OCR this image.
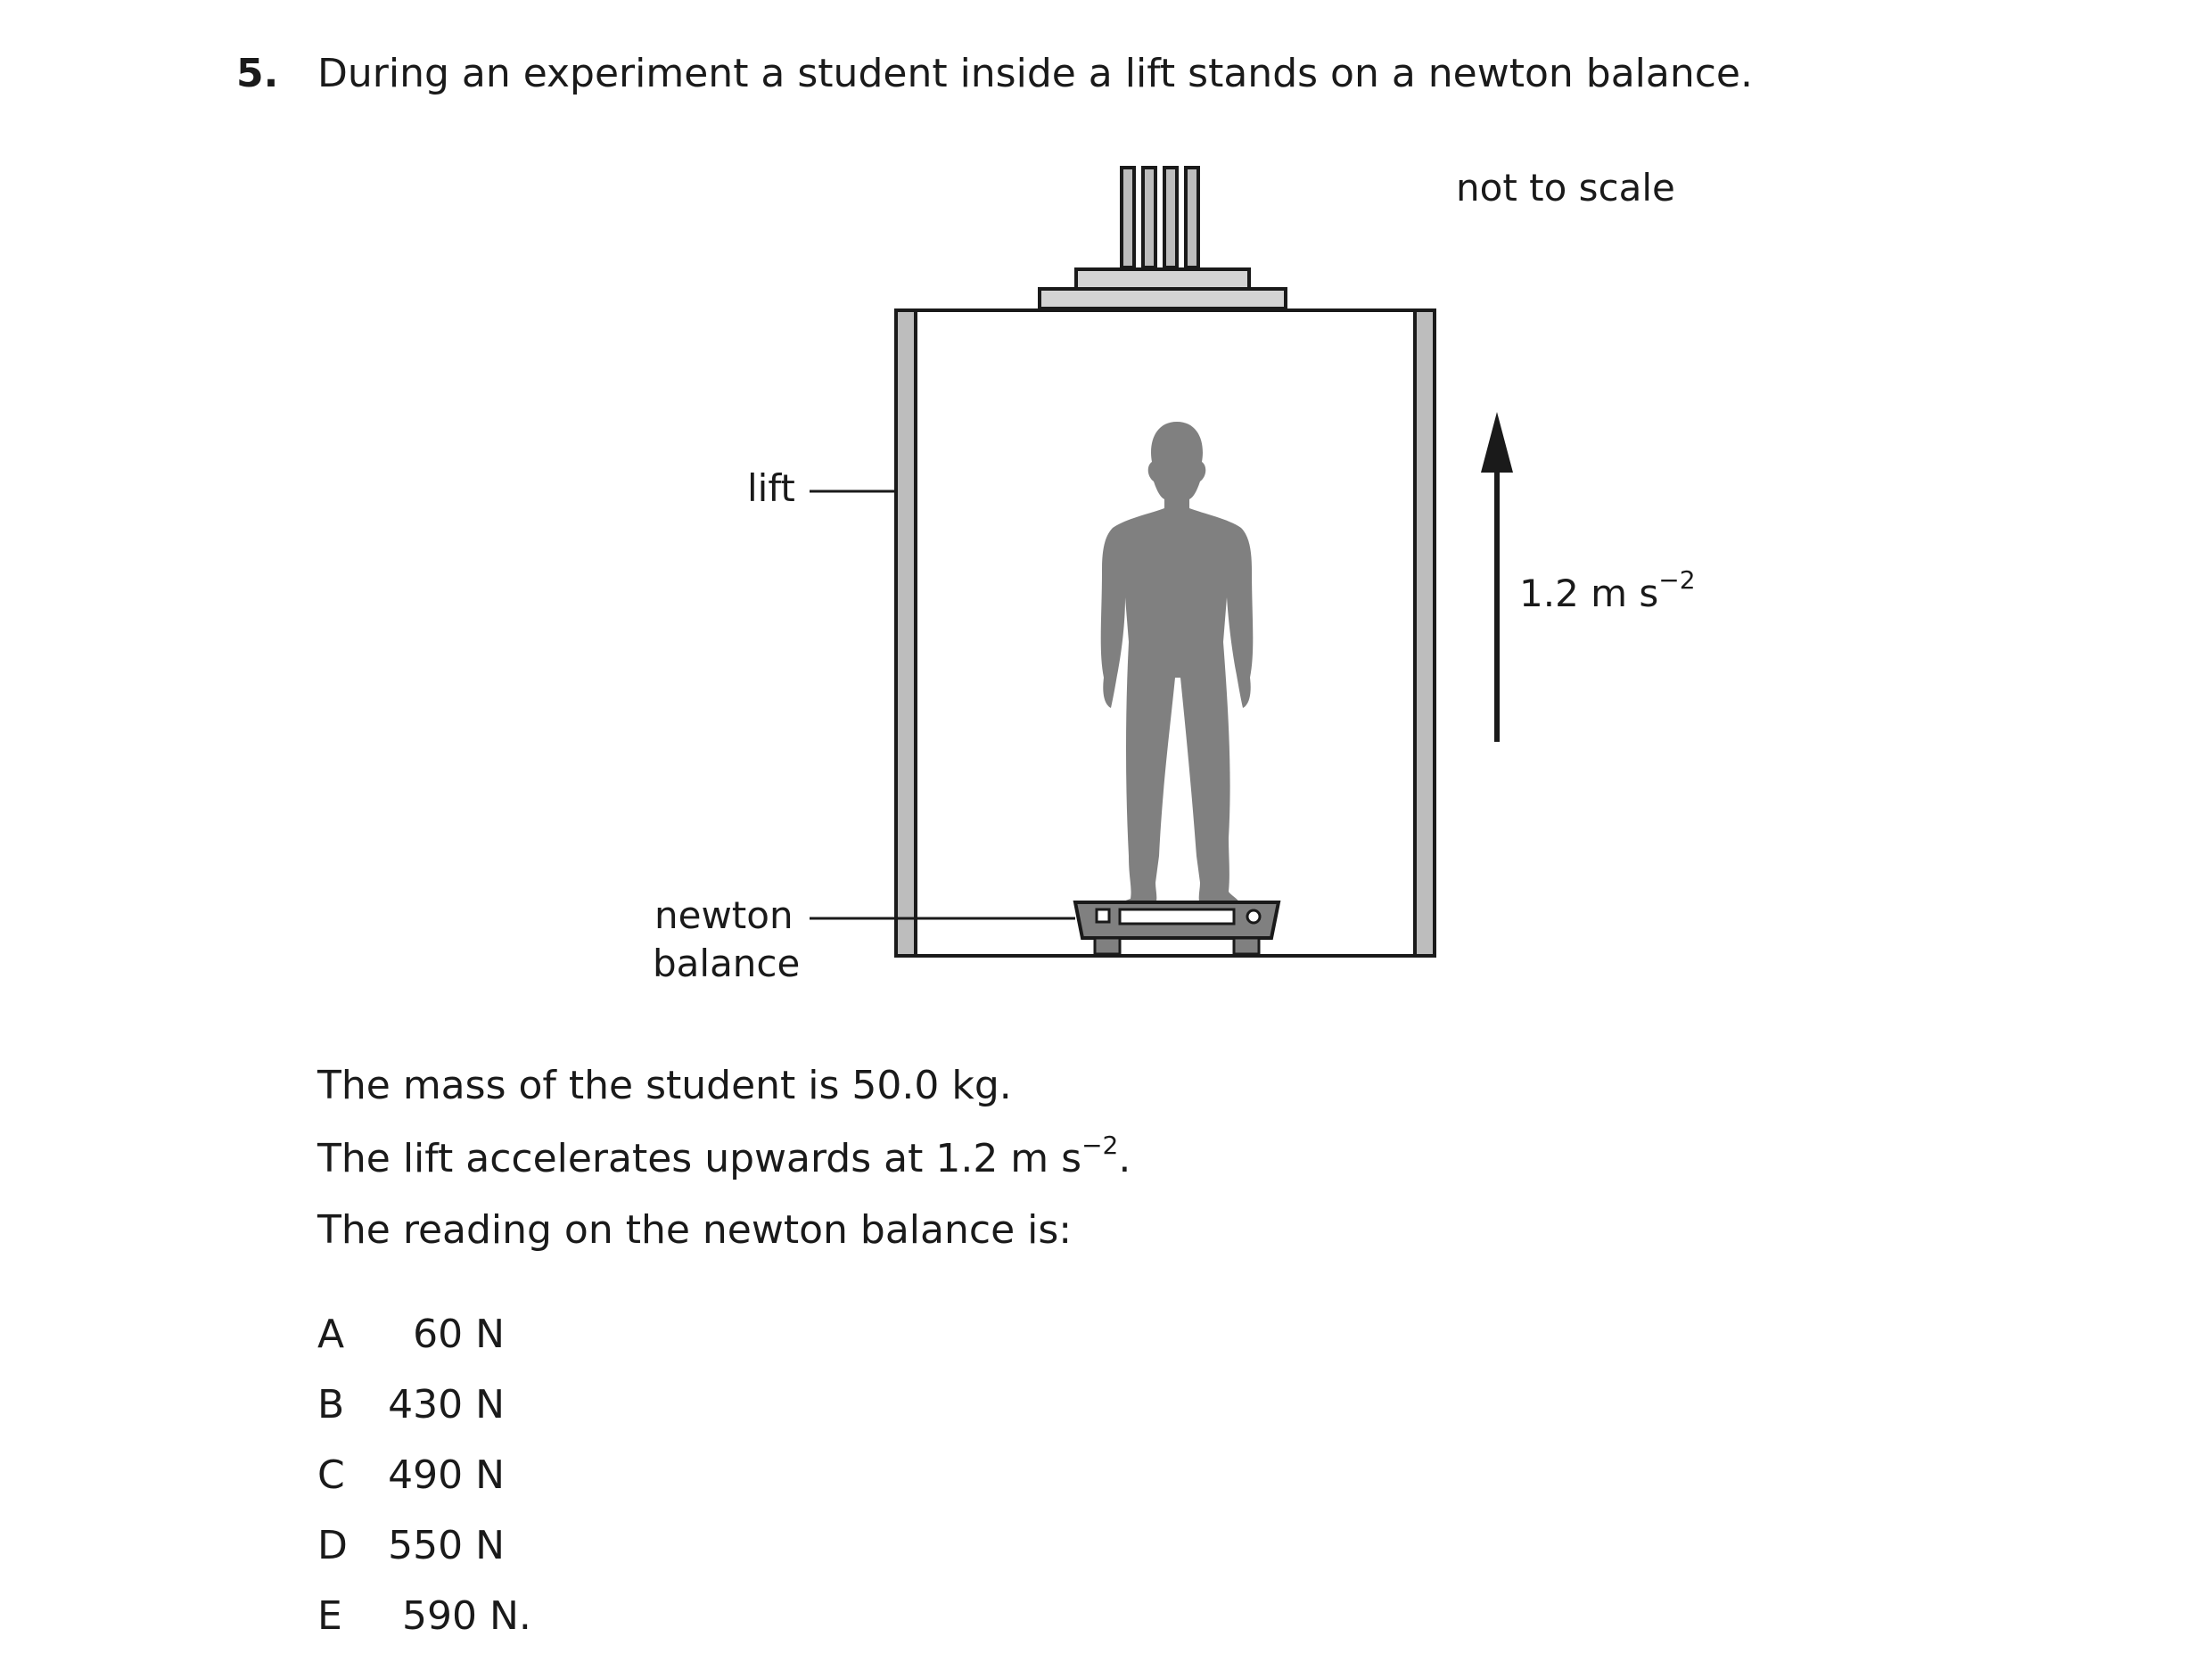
5. During an experiment a student inside a lift stands on a newton balance.
not to scale
lift
newton
balance
1.2 m $s^{-2}$
The mass of the student is 50.0 kg.
The lift accelerates upwards at 1.2 m $s^{-2}$.
The reading on the newton balance is:
A	60 N
B	430 N
C	490 N
D	550 N
E	590 N.
